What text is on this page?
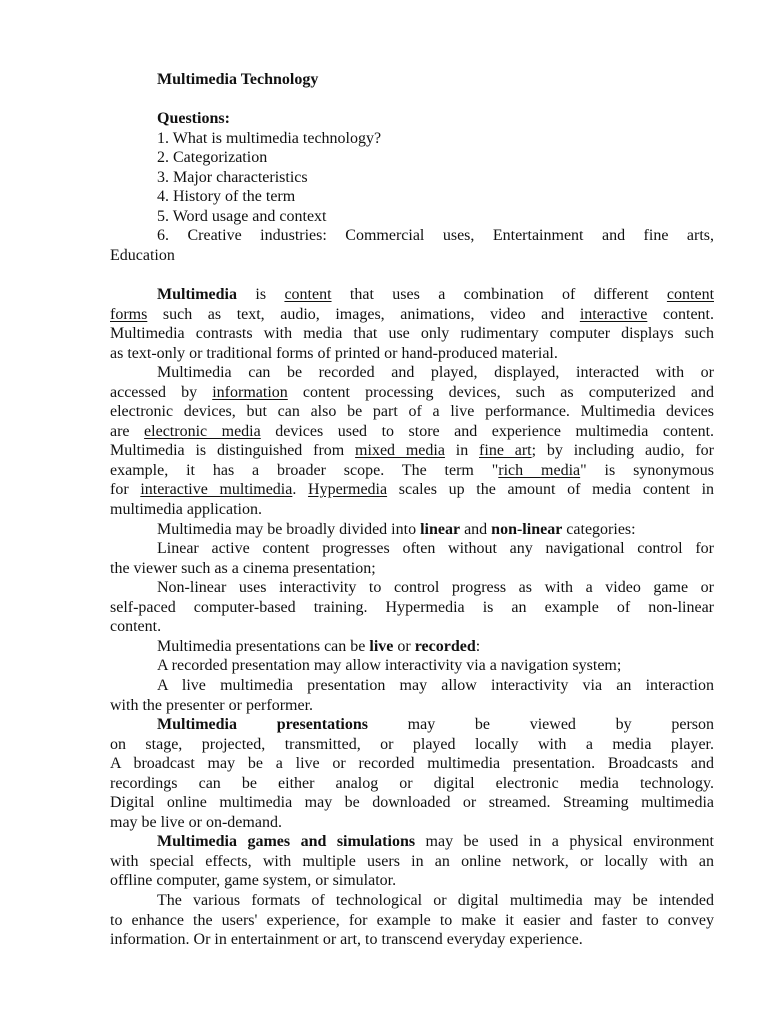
Multimedia Technology
Questions:
1. What is multimedia technology?
2. Categorization
3. Major characteristics
4. History of the term
5. Word usage and context
6. Creative industries: Commercial uses, Entertainment and fine arts,
Education
Multimedia is content that uses a combination of different content
forms such as text, audio, images, animations, video and interactive content.
Multimedia contrasts with media that use only rudimentary computer displays such
as text-only or traditional forms of printed or hand-produced material.
Multimedia can be recorded and played, displayed, interacted with or
accessed by information content processing devices, such as computerized and
electronic devices, but can also be part of a live performance. Multimedia devices
are electronic media devices used to store and experience multimedia content.
Multimedia is distinguished from mixed media in fine art; by including audio, for
example, it has a broader scope. The term "rich media" is synonymous
for interactive multimedia. Hypermedia scales up the amount of media content in
multimedia application.
Multimedia may be broadly divided into linear and non-linear categories:
Linear active content progresses often without any navigational control for
the viewer such as a cinema presentation;
Non-linear uses interactivity to control progress as with a video game or
self-paced computer-based training. Hypermedia is an example of non-linear
content.
Multimedia presentations can be live or recorded:
A recorded presentation may allow interactivity via a navigation system;
A live multimedia presentation may allow interactivity via an interaction
with the presenter or performer.
Multimedia presentations may be viewed by person
on stage, projected, transmitted, or played locally with a media player.
A broadcast may be a live or recorded multimedia presentation. Broadcasts and
recordings can be either analog or digital electronic media technology.
Digital online multimedia may be downloaded or streamed. Streaming multimedia
may be live or on-demand.
Multimedia games and simulations may be used in a physical environment
with special effects, with multiple users in an online network, or locally with an
offline computer, game system, or simulator.
The various formats of technological or digital multimedia may be intended
to enhance the users' experience, for example to make it easier and faster to convey
information. Or in entertainment or art, to transcend everyday experience.
